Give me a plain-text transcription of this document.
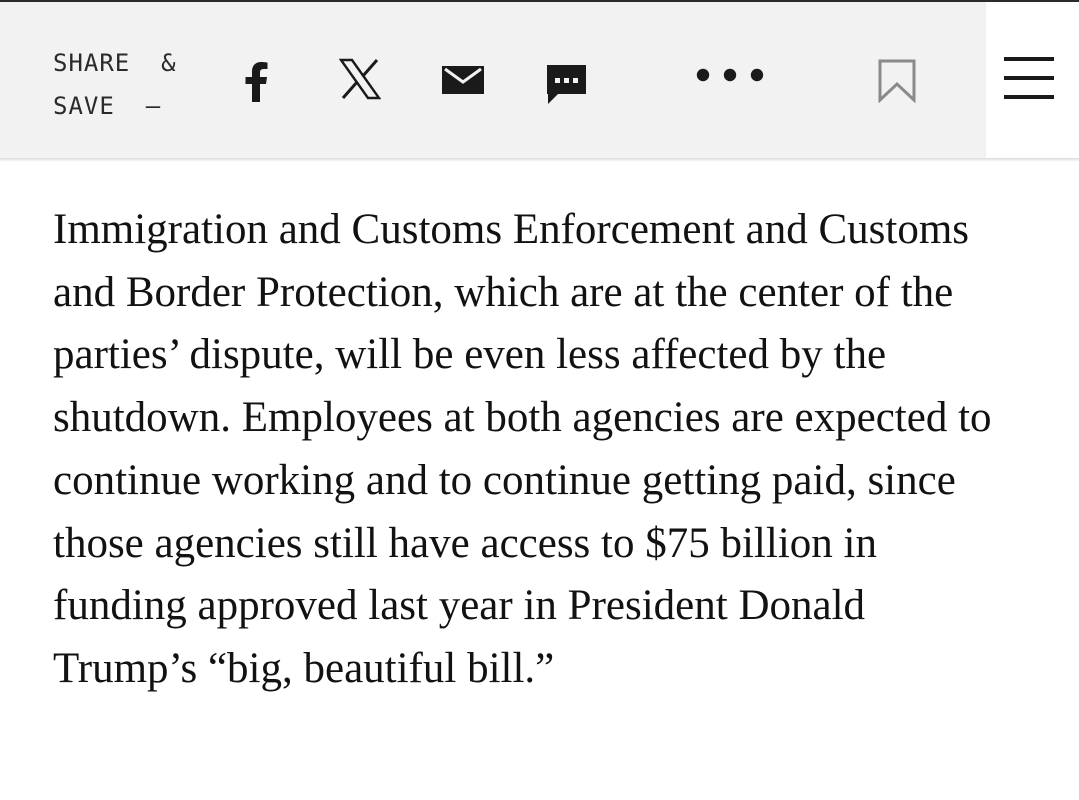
SHARE  &
SAVE  —

Immigration and Customs Enforcement and Customs and Border Protection, which are at the center of the parties’ dispute, will be even less affected by the shutdown. Employees at both agencies are expected to continue working and to continue getting paid, since those agencies still have access to $75 billion in funding approved last year in President Donald Trump’s “big, beautiful bill.”
